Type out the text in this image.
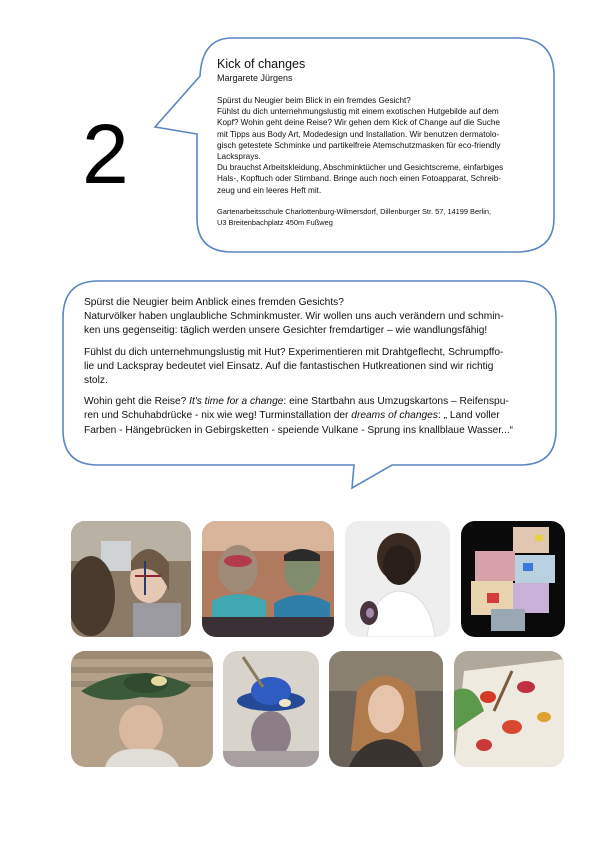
2
Kick of changes
Margarete Jürgens
Spürst du Neugier beim Blick in ein fremdes Gesicht?
Fühlst du dich unternehmungslustig mit einem exotischen Hutgebilde auf dem
Kopf? Wohin geht deine Reise? Wir gehen dem Kick of Change auf die Suche
mit Tipps aus Body Art, Modedesign und Installation. Wir benutzen dermatolo-
gisch getestete Schminke und partikelfreie Atemschutzmasken für eco-friendly
Lacksprays.
Du brauchst Arbeitskleidung, Abschminktücher und Gesichtscreme, einfarbiges
Hals-, Kopftuch oder Stirnband. Bringe auch noch einen Fotoapparat, Schreib-
zeug und ein leeres Heft mit.
Gartenarbeitsschule Charlottenburg-Wilmersdorf, Dillenburger Str. 57, 14199 Berlin,
U3 Breitenbachplatz 450m Fußweg

Spürst die Neugier beim Anblick eines fremden Gesichts?
Naturvölker haben unglaubliche Schminkmuster. Wir wollen uns auch verändern und schmin-
ken uns gegenseitig: täglich werden unsere Gesichter fremdartiger – wie wandlungsfähig!

Fühlst du dich unternehmungslustig mit Hut? Experimentieren mit Drahtgeflecht, Schrumpffo-
lie und Lackspray bedeutet viel Einsatz. Auf die fantastischen Hutkreationen sind wir richtig
stolz.

Wohin geht die Reise? It's time for a change: eine Startbahn aus Umzugskartons – Reifenspu-
ren und Schuhabdrücke - nix wie weg! Turminstallation der dreams of changes: „ Land voller
Farben - Hängebrücken in Gebirgsketten - speiende Vulkane - Sprung ins knallblaue Wasser...“
